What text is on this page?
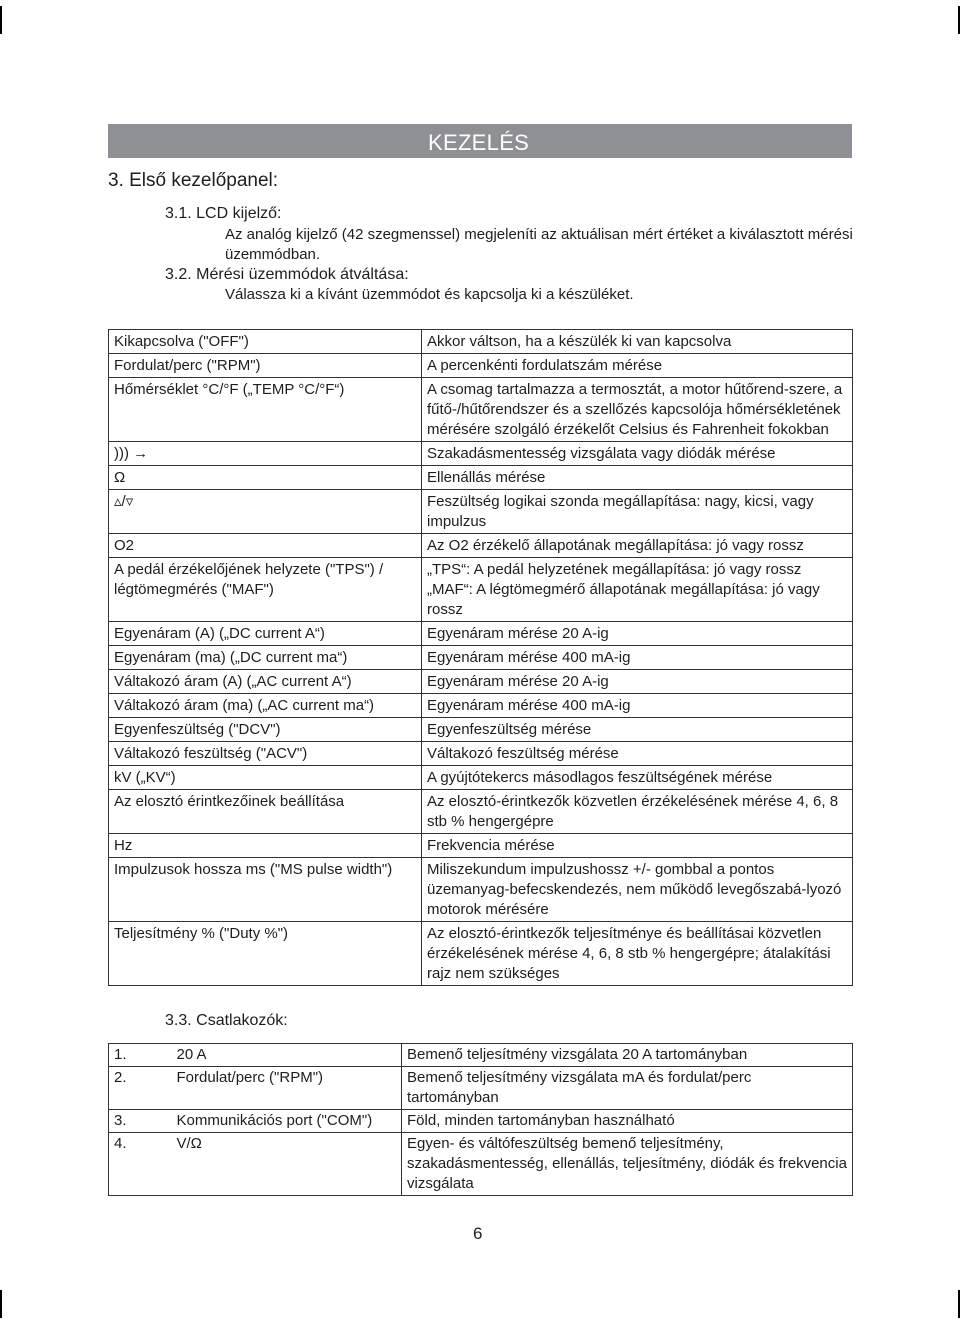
KEZELÉS
3. Első kezelőpanel:
3.1. LCD kijelző:
Az analóg kijelző (42 szegmenssel) megjeleníti az aktuálisan mért értéket a kiválasztott mérési üzemmódban.
3.2. Mérési üzemmódok átváltása:
Válassza ki a kívánt üzemmódot és kapcsolja ki a készüléket.
Kikapcsolva ("OFF")	Akkor váltson, ha a készülék ki van kapcsolva
Fordulat/perc ("RPM")	A percenkénti fordulatszám mérése
Hőmérséklet °C/°F („TEMP °C/°F“)	A csomag tartalmazza a termosztát, a motor hűtőrend-szere, a fűtő-/hűtőrendszer és a szellőzés kapcsolója hőmérsékletének mérésére szolgáló érzékelőt Celsius és Fahrenheit fokokban
))) →	Szakadásmentesség vizsgálata vagy diódák mérése
Ω	Ellenállás mérése
▵/▿	Feszültség logikai szonda megállapítása: nagy, kicsi, vagy impulzus
O2	Az O2 érzékelő állapotának megállapítása: jó vagy rossz
A pedál érzékelőjének helyzete ("TPS") / légtömegmérés ("MAF")	„TPS“: A pedál helyzetének megállapítása: jó vagy rossz „MAF“: A légtömegmérő állapotának megállapítása: jó vagy rossz
Egyenáram (A) („DC current A“)	Egyenáram mérése 20 A-ig
Egyenáram (ma) („DC current ma“)	Egyenáram mérése 400 mA-ig
Váltakozó áram (A) („AC current A“)	Egyenáram mérése 20 A-ig
Váltakozó áram (ma) („AC current ma“)	Egyenáram mérése 400 mA-ig
Egyenfeszültség ("DCV")	Egyenfeszültség mérése
Váltakozó feszültség ("ACV")	Váltakozó feszültség mérése
kV („KV“)	A gyújtótekercs másodlagos feszültségének mérése
Az elosztó érintkezőinek beállítása	Az elosztó-érintkezők közvetlen érzékelésének mérése 4, 6, 8 stb % hengergépre
Hz	Frekvencia mérése
Impulzusok hossza ms ("MS pulse width")	Miliszekundum impulzushossz +/- gombbal a pontos üzemanyag-befecskendezés, nem működő levegőszabá-lyozó motorok mérésére
Teljesítmény % ("Duty %")	Az elosztó-érintkezők teljesítménye és beállításai közvetlen érzékelésének mérése 4, 6, 8 stb % hengergépre; átalakítási rajz nem szükséges
3.3. Csatlakozók:
1.	20 A	Bemenő teljesítmény vizsgálata 20 A tartományban
2.	Fordulat/perc ("RPM")	Bemenő teljesítmény vizsgálata mA és fordulat/perc tartományban
3.	Kommunikációs port ("COM")	Föld, minden tartományban használható
4.	V/Ω	Egyen- és váltófeszültség bemenő teljesítmény, szakadásmentesség, ellenállás, teljesítmény, diódák és frekvencia vizsgálata
6
